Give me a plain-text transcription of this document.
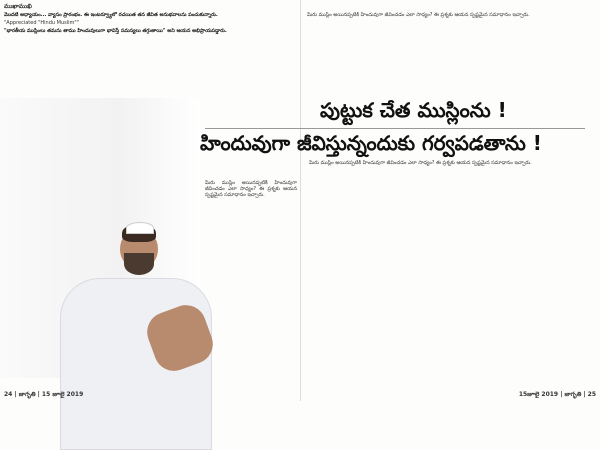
ముఖాముఖి

మొదటి అధ్యాయం... వ్యాసం ప్రారంభం. ఈ ఇంటర్వ్యూలో రచయిత తన జీవిత అనుభవాలను పంచుకున్నారు.

"Appreciated "Hindu Muslim""

"భారతీయ ముస్లింలు తమను తాము హిందువులుగా భావిస్తే సమస్యలు తగ్గుతాయి" అని ఆయన అభిప్రాయపడ్డారు.

మీరు ముస్లిం అయినప్పటికీ హిందువుగా జీవించడం ఎలా సాధ్యం? ఈ ప్రశ్నకు ఆయన స్పష్టమైన సమాధానం ఇచ్చారు.

మీరు ముస్లిం అయినప్పటికీ హిందువుగా జీవించడం ఎలా సాధ్యం? ఈ ప్రశ్నకు ఆయన స్పష్టమైన సమాధానం ఇచ్చారు.

మీరు ముస్లిం అయినప్పటికీ హిందువుగా జీవించడం ఎలా సాధ్యం? ఈ ప్రశ్నకు ఆయన స్పష్టమైన సమాధానం ఇచ్చారు.

పుట్టుక చేత ముస్లింను !
హిందువుగా జీవిస్తున్నందుకు గర్వపడతాను !
24 | జాగృతి | 15 జూలై 2019	15జూలై 2019 | జాగృతి | 25
